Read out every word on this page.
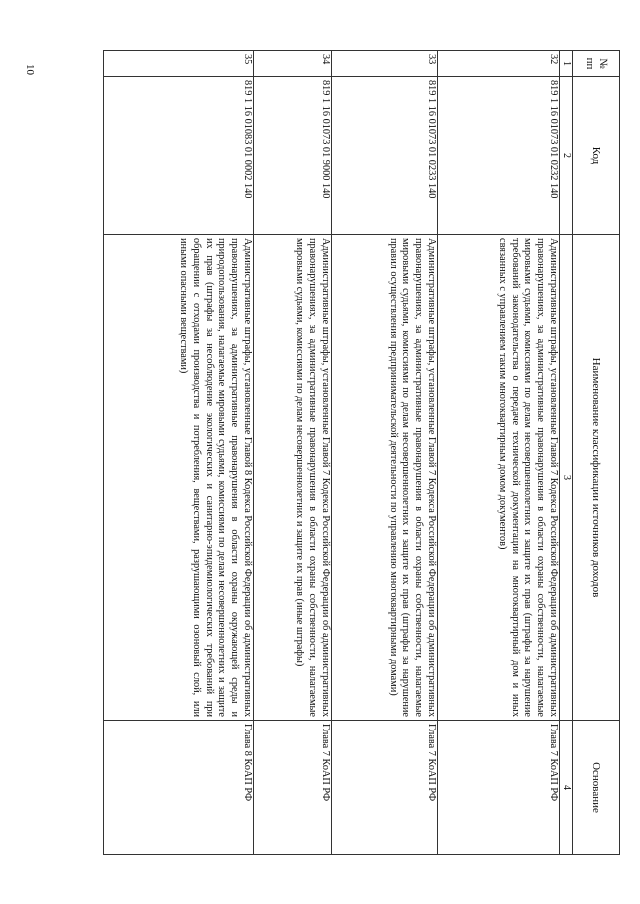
10
№ пп	Код	Наименование классификации источников доходов	Основание
1	2	3	4
32	819 1 16 01073 01 0232 140	Административные штрафы, установленные Главой 7 Кодекса Российской Федерации об административных правонарушениях, за административные правонарушения в области охраны собственности, налагаемые мировыми судьями, комиссиями по делам несовершеннолетних и защите их прав (штрафы за нарушение требований законодательства о передаче технической документации на многоквартирный дом и иных связанных с управлением таким многоквартирным домом документов)	Глава 7 КоАП РФ
33	819 1 16 01073 01 0233 140	Административные штрафы, установленные Главой 7 Кодекса Российской Федерации об административных правонарушениях, за административные правонарушения в области охраны собственности, налагаемые мировыми судьями, комиссиями по делам несовершеннолетних и защите их прав (штрафы за нарушение правил осуществления предпринимательской деятельности по управлению многоквартирными домами)	Глава 7 КоАП РФ
34	819 1 16 01073 01 9000 140	Административные штрафы, установленные Главой 7 Кодекса Российской Федерации об административных правонарушениях, за административные правонарушения в области охраны собственности, налагаемые мировыми судьями, комиссиями по делам несовершеннолетних и защите их прав (иные штрафы)	Глава 7 КоАП РФ
35	819 1 16 01083 01 0002 140	Административные штрафы, установленные Главой 8 Кодекса Российской Федерации об административных правонарушениях, за административные правонарушения в области охраны окружающей среды и природопользования, налагаемые мировыми судьями, комиссиями по делам несовершеннолетних и защите их прав (штрафы за несоблюдение экологических и санитарно-эпидемиологических требований при обращении с отходами производства и потребления, веществами, разрушающими озоновый слой, или иными опасными веществами)	Глава 8 КоАП РФ
